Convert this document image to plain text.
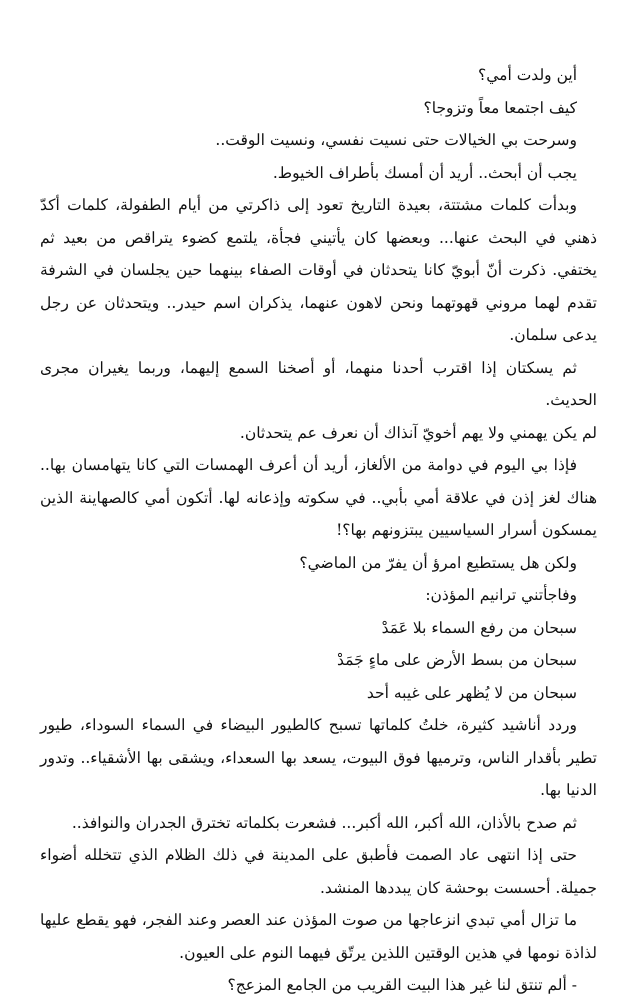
أين ولدت أمي؟

كيف اجتمعا معاً وتزوجا؟

وسرحت بي الخيالات حتى نسيت نفسي، ونسيت الوقت..

يجب أن أبحث.. أريد أن أمسك بأطراف الخيوط.

وبدأت كلمات مشتتة، بعيدة التاريخ تعود إلى ذاكرتي من أيام الطفولة، كلمات أكدّ ذهني في البحث عنها... وبعضها كان يأتيني فجأة، يلتمع كضوء يتراقص من بعيد ثم يختفي. ذكرت أنّ أبويّ كانا يتحدثان في أوقات الصفاء بينهما حين يجلسان في الشرفة تقدم لهما مروني قهوتهما ونحن لاهون عنهما، يذكران اسم حيدر.. ويتحدثان عن رجل يدعى سلمان.

ثم يسكتان إذا اقترب أحدنا منهما، أو أصخنا السمع إليهما، وربما يغيران مجرى الحديث.

لم يكن يهمني ولا يهم أخويّ آنذاك أن نعرف عم يتحدثان.

فإذا بي اليوم في دوامة من الألغاز، أريد أن أعرف الهمسات التي كانا يتهامسان بها.. هناك لغز إذن في علاقة أمي بأبي.. في سكوته وإذعانه لها. أتكون أمي كالصهاينة الذين يمسكون أسرار السياسيين يبتزونهم بها؟!

ولكن هل يستطيع امرؤ أن يفرّ من الماضي؟

وفاجأتني ترانيم المؤذن:

سبحان من رفع السماء بلا عَمَدْ

سبحان من بسط الأرض على ماءٍ جَمَدْ

سبحان من لا يُظهر على غيبه أحد

وردد أناشيد كثيرة، خلتُ كلماتها تسبح كالطيور البيضاء في السماء السوداء، طيور تطير بأقدار الناس، وترميها فوق البيوت، يسعد بها السعداء، ويشقى بها الأشقياء.. وتدور الدنيا بها.

ثم صدح بالأذان، الله أكبر، الله أكبر... فشعرت بكلماته تخترق الجدران والنوافذ..

حتى إذا انتهى عاد الصمت فأطبق على المدينة في ذلك الظلام الذي تتخلله أضواء جميلة. أحسست بوحشة كان يبددها المنشد.

ما تزال أمي تبدي انزعاجها من صوت المؤذن عند العصر وعند الفجر، فهو يقطع عليها لذاذة نومها في هذين الوقتين اللذين يرتّق فيهما النوم على العيون.

- ألم تنتق لنا غير هذا البيت القريب من الجامع المزعج؟
